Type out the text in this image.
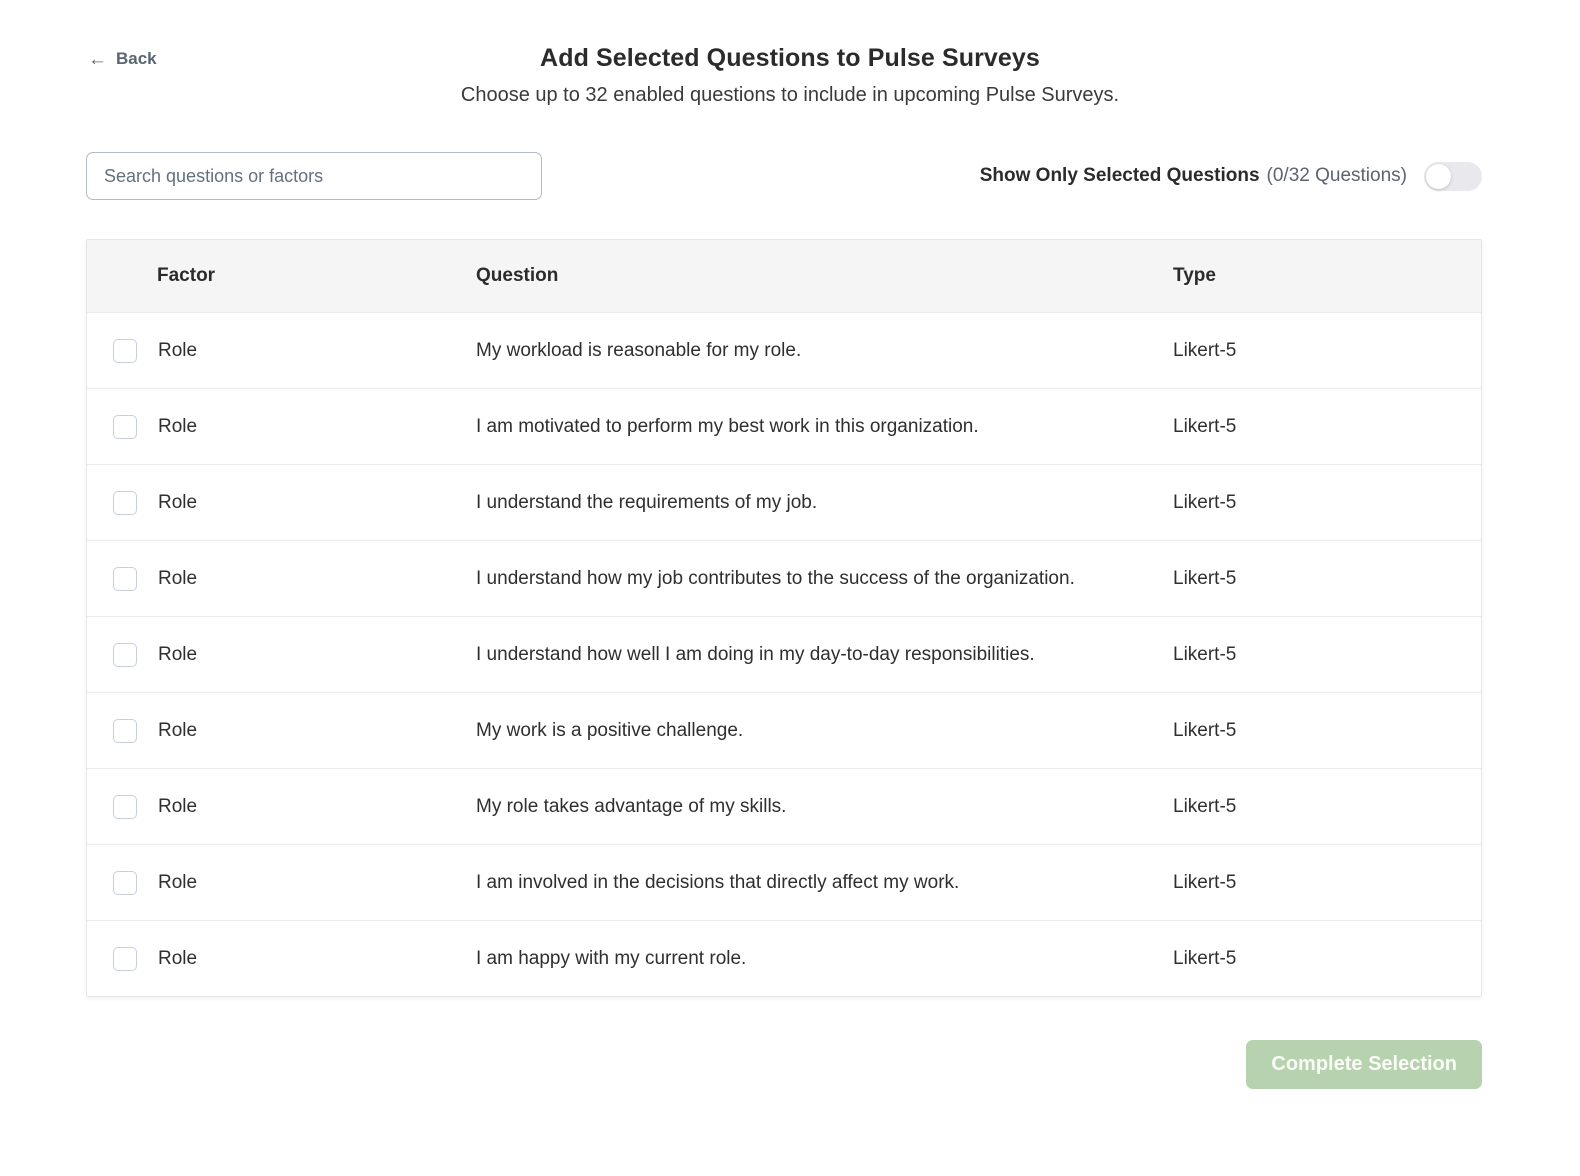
← Back	Add Selected Questions to Pulse Surveys
Choose up to 32 enabled questions to include in upcoming Pulse Surveys.
Search questions or factors
Show Only Selected Questions (0/32 Questions)
Factor	Question	Type
Role	My workload is reasonable for my role.	Likert-5
Role	I am motivated to perform my best work in this organization.	Likert-5
Role	I understand the requirements of my job.	Likert-5
Role	I understand how my job contributes to the success of the organization.	Likert-5
Role	I understand how well I am doing in my day-to-day responsibilities.	Likert-5
Role	My work is a positive challenge.	Likert-5
Role	My role takes advantage of my skills.	Likert-5
Role	I am involved in the decisions that directly affect my work.	Likert-5
Role	I am happy with my current role.	Likert-5
Complete Selection
